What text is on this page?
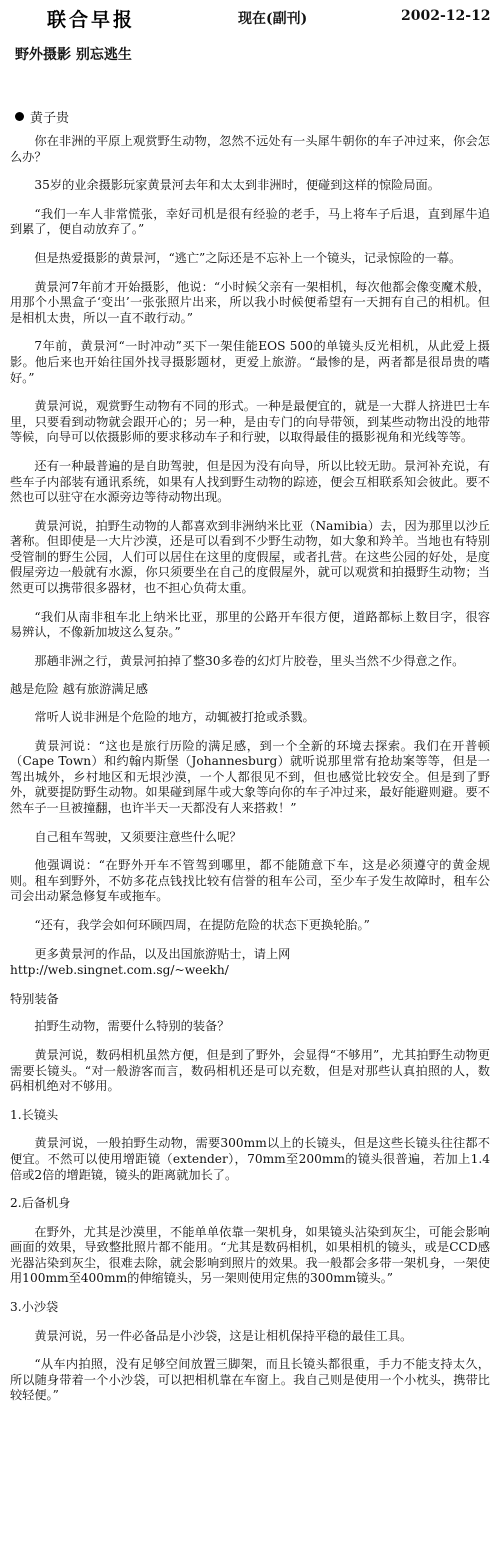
联合早报	现在(副刊)	2002-12-12
野外摄影 别忘逃生
黄子贵

你在非洲的平原上观赏野生动物，忽然不远处有一头犀牛朝你的车子冲过来，你会怎么办？

35岁的业余摄影玩家黄景河去年和太太到非洲时，便碰到这样的惊险局面。

“我们一车人非常慌张，幸好司机是很有经验的老手，马上将车子后退，直到犀牛追到累了，便自动放弃了。”

但是热爱摄影的黄景河，“逃亡”之际还是不忘补上一个镜头，记录惊险的一幕。

黄景河7年前才开始摄影，他说：“小时候父亲有一架相机，每次他都会像变魔术般，用那个小黑盒子‘变出’一张张照片出来，所以我小时候便希望有一天拥有自己的相机。但是相机太贵，所以一直不敢行动。”

7年前，黄景河“一时冲动”买下一架佳能EOS 500的单镜头反光相机，从此爱上摄影。他后来也开始往国外找寻摄影题材，更爱上旅游。“最惨的是，两者都是很昂贵的嗜好。”

黄景河说，观赏野生动物有不同的形式。一种是最便宜的，就是一大群人挤进巴士车里，只要看到动物就会跟开心的；另一种，是由专门的向导带领，到某些动物出没的地带等候，向导可以依摄影师的要求移动车子和行驶，以取得最佳的摄影视角和光线等等。

还有一种最普遍的是自助驾驶，但是因为没有向导，所以比较无助。景河补充说，有些车子内部装有通讯系统，如果有人找到野生动物的踪迹，便会互相联系知会彼此。要不然也可以驻守在水源旁边等待动物出现。

黄景河说，拍野生动物的人都喜欢到非洲纳米比亚（Namibia）去，因为那里以沙丘著称。但即使是一大片沙漠，还是可以看到不少野生动物，如大象和羚羊。当地也有特别受管制的野生公园，人们可以居住在这里的度假屋，或者扎营。在这些公园的好处，是度假屋旁边一般就有水源，你只须要坐在自己的度假屋外，就可以观赏和拍摄野生动物；当然更可以携带很多器材，也不担心负荷太重。

“我们从南非租车北上纳米比亚，那里的公路开车很方便，道路都标上数目字，很容易辨认，不像新加坡这么复杂。”

那趟非洲之行，黄景河拍掉了整30多卷的幻灯片胶卷，里头当然不少得意之作。

越是危险 越有旅游满足感

常听人说非洲是个危险的地方，动辄被打抢或杀戮。

黄景河说：“这也是旅行历险的满足感，到一个全新的环境去探索。我们在开普顿（Cape Town）和约翰内斯堡（Johannesburg）就听说那里常有抢劫案等等，但是一驾出城外，乡村地区和无垠沙漠，一个人都很见不到，但也感觉比较安全。但是到了野外，就要提防野生动物。如果碰到犀牛或大象等向你的车子冲过来，最好能避则避。要不然车子一旦被撞翻，也许半天一天都没有人来搭救！”

自己租车驾驶，又须要注意些什么呢？

他强调说：“在野外开车不管驾到哪里，都不能随意下车，这是必须遵守的黄金规则。租车到野外，不妨多花点钱找比较有信誉的租车公司，至少车子发生故障时，租车公司会出动紧急修复车或拖车。

“还有，我学会如何环顾四周，在提防危险的状态下更换轮胎。”

更多黄景河的作品，以及出国旅游贴士，请上网

http://web.singnet.com.sg/~weekh/

特别装备

拍野生动物，需要什么特别的装备？

黄景河说，数码相机虽然方便，但是到了野外，会显得“不够用”，尤其拍野生动物更需要长镜头。“对一般游客而言，数码相机还是可以充数，但是对那些认真拍照的人，数码相机绝对不够用。

1.长镜头

黄景河说，一般拍野生动物，需要300mm以上的长镜头，但是这些长镜头往往都不便宜。不然可以使用增距镜（extender），70mm至200mm的镜头很普遍，若加上1.4倍或2倍的增距镜，镜头的距离就加长了。

2.后备机身

在野外，尤其是沙漠里，不能单单依靠一架机身，如果镜头沾染到灰尘，可能会影响画面的效果，导致整批照片都不能用。“尤其是数码相机，如果相机的镜头，或是CCD感光器沾染到灰尘，很难去除，就会影响到照片的效果。我一般都会多带一架机身，一架使用100mm至400mm的伸缩镜头，另一架则使用定焦的300mm镜头。”

3.小沙袋

黄景河说，另一件必备品是小沙袋，这是让相机保持平稳的最佳工具。

“从车内拍照，没有足够空间放置三脚架，而且长镜头都很重，手力不能支持太久，所以随身带着一个小沙袋，可以把相机靠在车窗上。我自己则是使用一个小枕头，携带比较轻便。”
